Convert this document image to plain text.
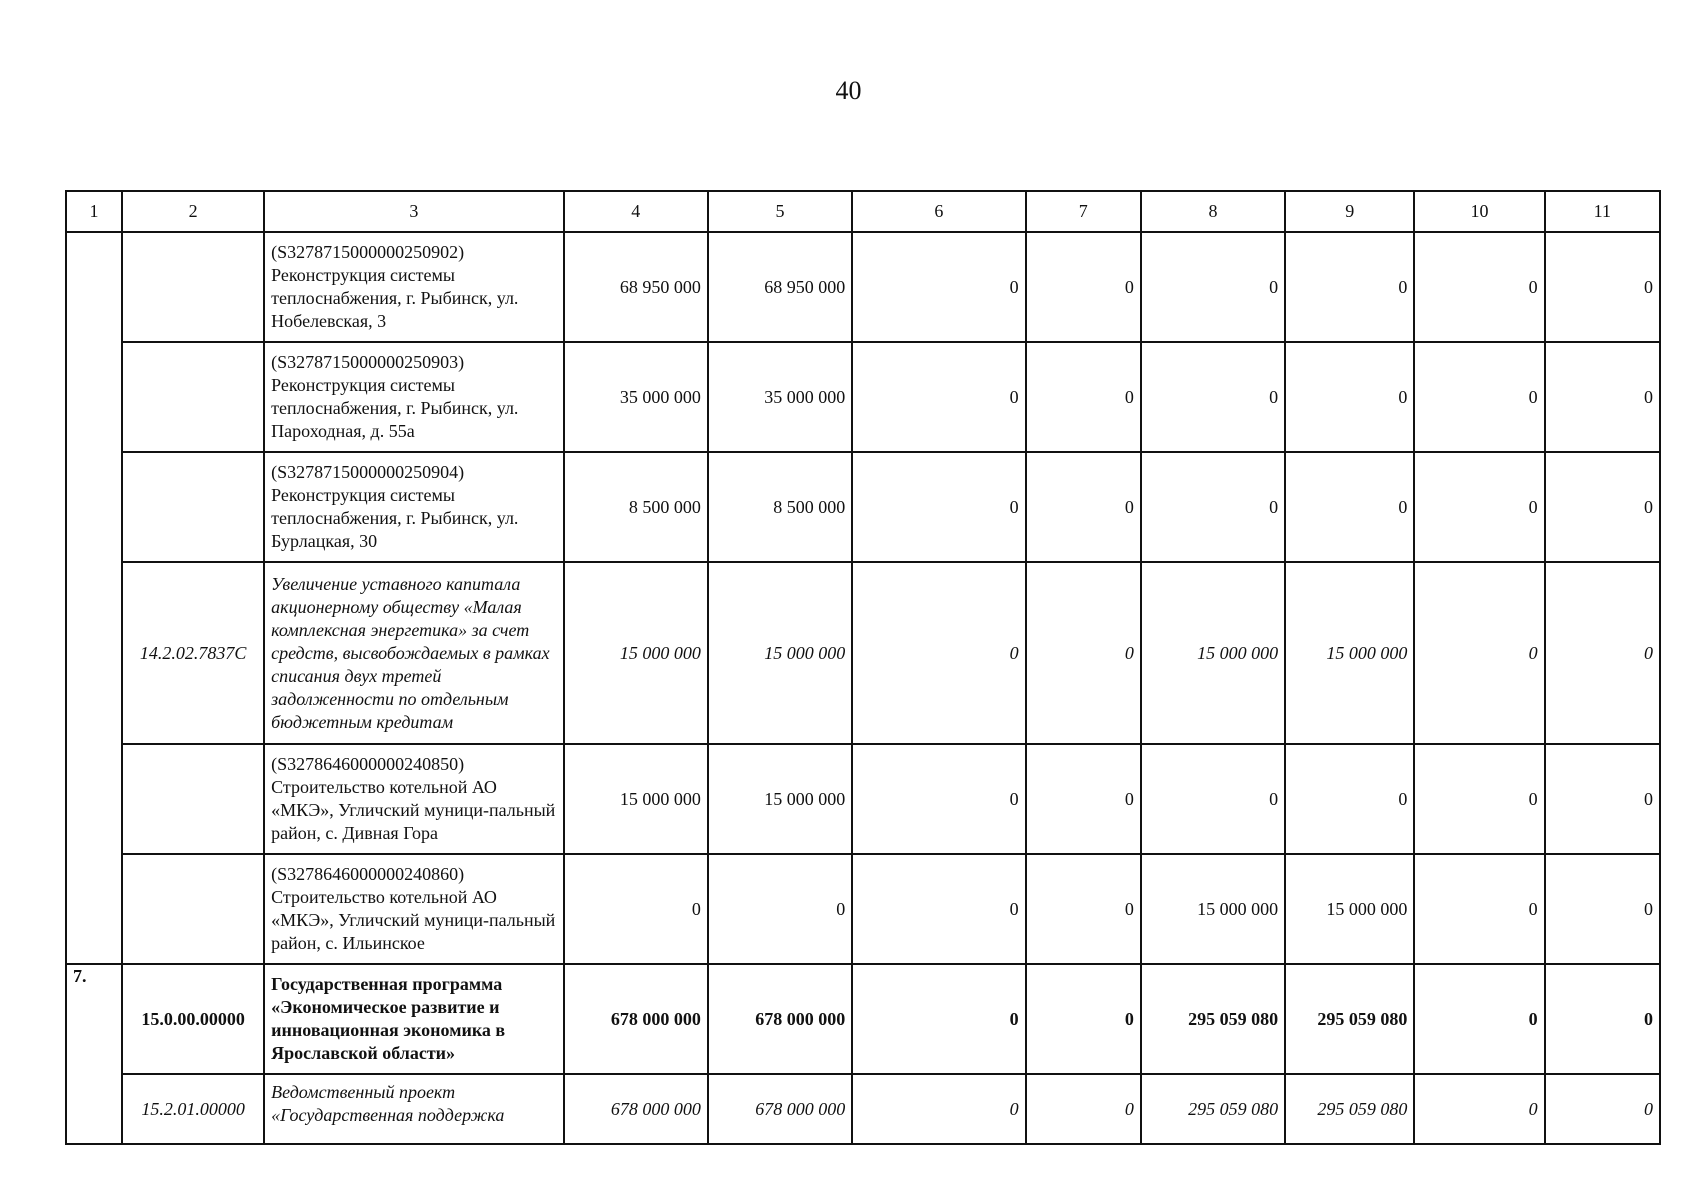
40
1	2	3	4	5	6	7	8	9	10	11
		(S3278715000000250902) Реконструкция системы теплоснабжения, г. Рыбинск, ул. Нобелевская, 3	68 950 000	68 950 000	0	0	0	0	0	0
		(S3278715000000250903) Реконструкция системы теплоснабжения, г. Рыбинск, ул. Пароходная, д. 55а	35 000 000	35 000 000	0	0	0	0	0	0
		(S3278715000000250904) Реконструкция системы теплоснабжения, г. Рыбинск, ул. Бурлацкая, 30	8 500 000	8 500 000	0	0	0	0	0	0
	14.2.02.7837С	Увеличение уставного капитала акционерному обществу «Малая комплексная энергетика» за счет средств, высвобождаемых в рамках списания двух третей задолженности по отдельным бюджетным кредитам	15 000 000	15 000 000	0	0	15 000 000	15 000 000	0	0
		(S3278646000000240850) Строительство котельной АО «МКЭ», Угличский муници-пальный район, с. Дивная Гора	15 000 000	15 000 000	0	0	0	0	0	0
		(S3278646000000240860) Строительство котельной АО «МКЭ», Угличский муници-пальный район, с. Ильинское	0	0	0	0	15 000 000	15 000 000	0	0
7.	15.0.00.00000	Государственная программа «Экономическое развитие и инновационная экономика в Ярославской области»	678 000 000	678 000 000	0	0	295 059 080	295 059 080	0	0
	15.2.01.00000	Ведомственный проект «Государственная поддержка	678 000 000	678 000 000	0	0	295 059 080	295 059 080	0	0
